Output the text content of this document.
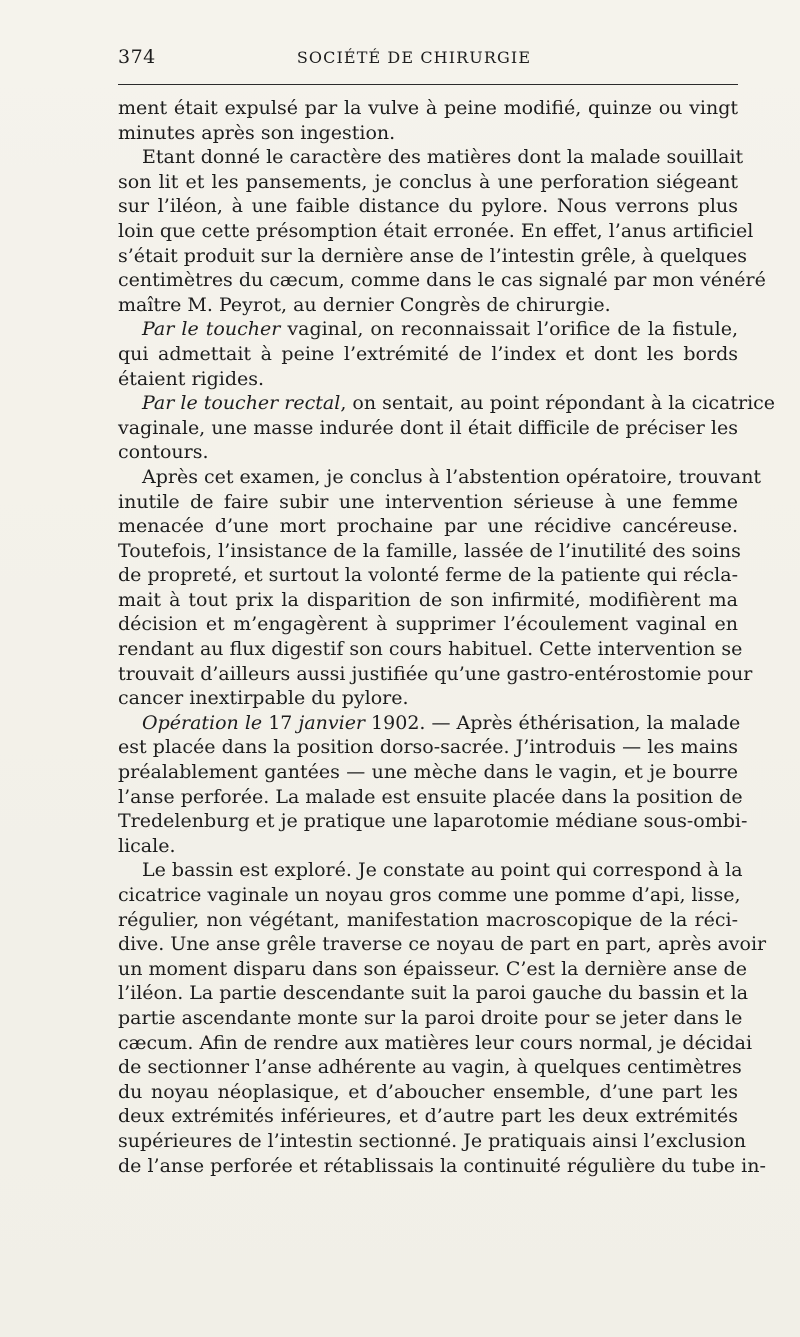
374	SOCIÉTÉ DE CHIRURGIE
ment était expulsé par la vulve à peine modifié, quinze ou vingt
minutes après son ingestion.
Etant donné le caractère des matières dont la malade souillait
son lit et les pansements, je conclus à une perforation siégeant
sur l’iléon, à une faible distance du pylore. Nous verrons plus
loin que cette présomption était erronée. En effet, l’anus artificiel
s’était produit sur la dernière anse de l’intestin grêle, à quelques
centimètres du cæcum, comme dans le cas signalé par mon vénéré
maître M. Peyrot, au dernier Congrès de chirurgie.
Par le toucher vaginal, on reconnaissait l’orifice de la fistule,
qui admettait à peine l’extrémité de l’index et dont les bords
étaient rigides.
Par le toucher rectal, on sentait, au point répondant à la cicatrice
vaginale, une masse indurée dont il était difficile de préciser les
contours.
Après cet examen, je conclus à l’abstention opératoire, trouvant
inutile de faire subir une intervention sérieuse à une femme
menacée d’une mort prochaine par une récidive cancéreuse.
Toutefois, l’insistance de la famille, lassée de l’inutilité des soins
de propreté, et surtout la volonté ferme de la patiente qui récla-
mait à tout prix la disparition de son infirmité, modifièrent ma
décision et m’engagèrent à supprimer l’écoulement vaginal en
rendant au flux digestif son cours habituel. Cette intervention se
trouvait d’ailleurs aussi justifiée qu’une gastro-entérostomie pour
cancer inextirpable du pylore.
Opération le 17 janvier 1902. — Après éthérisation, la malade
est placée dans la position dorso-sacrée. J’introduis — les mains
préalablement gantées — une mèche dans le vagin, et je bourre
l’anse perforée. La malade est ensuite placée dans la position de
Tredelenburg et je pratique une laparotomie médiane sous-ombi-
licale.
Le bassin est exploré. Je constate au point qui correspond à la
cicatrice vaginale un noyau gros comme une pomme d’api, lisse,
régulier, non végétant, manifestation macroscopique de la réci-
dive. Une anse grêle traverse ce noyau de part en part, après avoir
un moment disparu dans son épaisseur. C’est la dernière anse de
l’iléon. La partie descendante suit la paroi gauche du bassin et la
partie ascendante monte sur la paroi droite pour se jeter dans le
cæcum. Afin de rendre aux matières leur cours normal, je décidai
de sectionner l’anse adhérente au vagin, à quelques centimètres
du noyau néoplasique, et d’aboucher ensemble, d’une part les
deux extrémités inférieures, et d’autre part les deux extrémités
supérieures de l’intestin sectionné. Je pratiquais ainsi l’exclusion
de l’anse perforée et rétablissais la continuité régulière du tube in-
